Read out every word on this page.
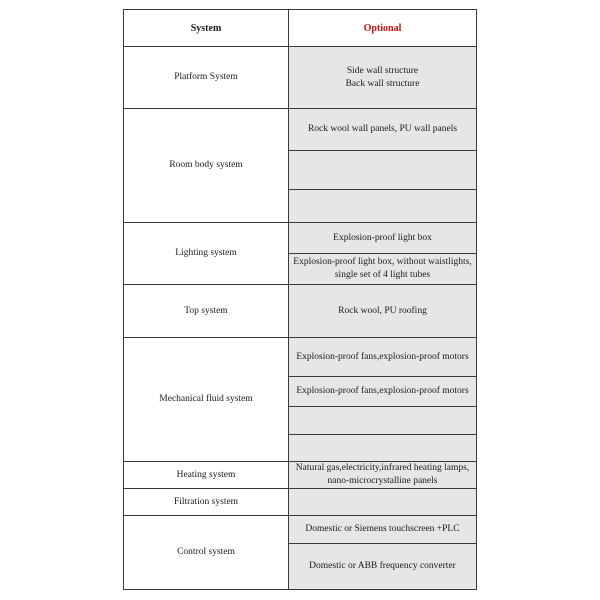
System	Optional
Platform System
Side wall structure
Back wall structure
Room body system
Rock wool wall panels, PU wall panels
Lighting system
Explosion-proof light box
Explosion-proof light box, without waistlights,
single set of 4 light tubes
Top system	Rock wool, PU roofing
Mechanical fluid system
Explosion-proof fans,explosion-proof motors
Explosion-proof fans,explosion-proof motors
Heating system
Natural gas,electricity,infrared heating lamps,
nano-microcrystalline panels
Filtration system
Control system
Domestic or Siemens touchscreen +PLC
Domestic or ABB frequency converter
